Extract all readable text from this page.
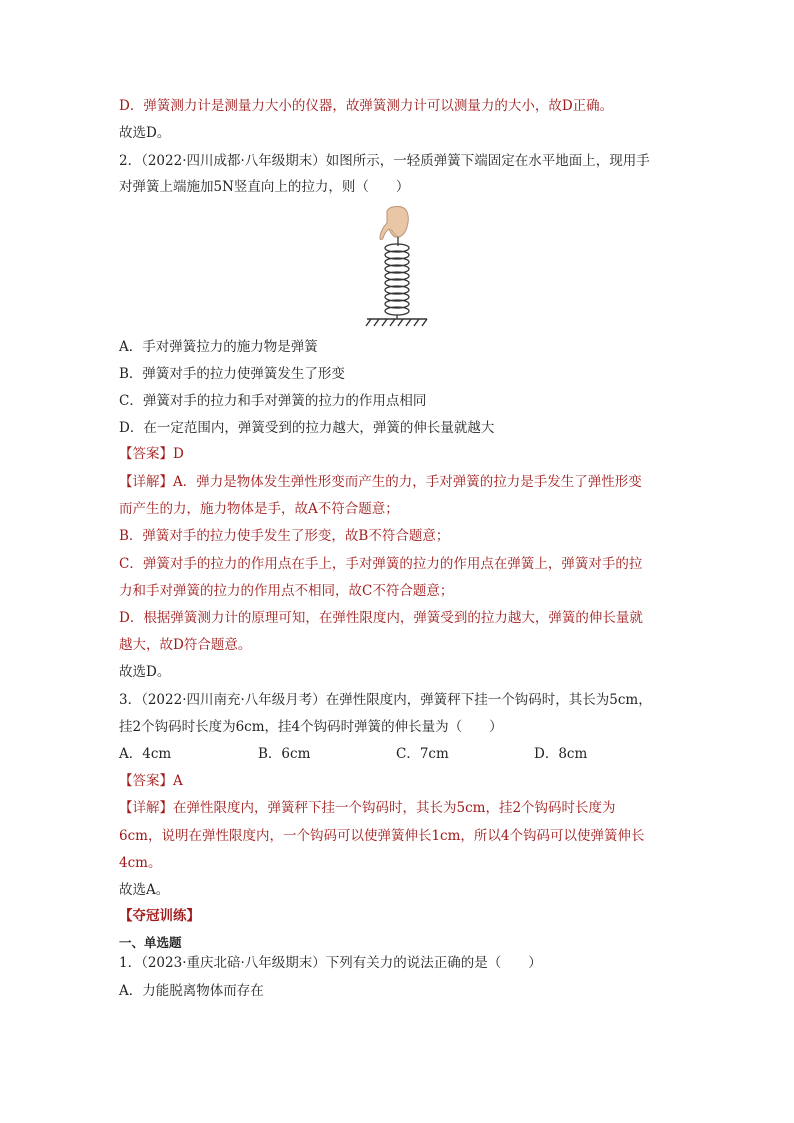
D．弹簧测力计是测量力大小的仪器，故弹簧测力计可以测量力的大小，故D正确。
故选D。
2．（2022·四川成都·八年级期末）如图所示，一轻质弹簧下端固定在水平地面上，现用手
对弹簧上端施加5N竖直向上的拉力，则（　　）
A．手对弹簧拉力的施力物是弹簧
B．弹簧对手的拉力使弹簧发生了形变
C．弹簧对手的拉力和手对弹簧的拉力的作用点相同
D．在一定范围内，弹簧受到的拉力越大，弹簧的伸长量就越大
【答案】D
【详解】A．弹力是物体发生弹性形变而产生的力，手对弹簧的拉力是手发生了弹性形变
而产生的力，施力物体是手，故A不符合题意；
B．弹簧对手的拉力使手发生了形变，故B不符合题意；
C．弹簧对手的拉力的作用点在手上，手对弹簧的拉力的作用点在弹簧上，弹簧对手的拉
力和手对弹簧的拉力的作用点不相同，故C不符合题意；
D．根据弹簧测力计的原理可知，在弹性限度内，弹簧受到的拉力越大，弹簧的伸长量就
越大，故D符合题意。
故选D。
3．（2022·四川南充·八年级月考）在弹性限度内，弹簧秤下挂一个钩码时，其长为5cm，
挂2个钩码时长度为6cm，挂4个钩码时弹簧的伸长量为（　　）
A．4cm	B．6cm	C．7cm	D．8cm
【答案】A
【详解】在弹性限度内，弹簧秤下挂一个钩码时，其长为5cm，挂2个钩码时长度为
6cm，说明在弹性限度内，一个钩码可以使弹簧伸长1cm，所以4个钩码可以使弹簧伸长
4cm。
故选A。
【夺冠训练】
一、单选题
1．（2023·重庆北碚·八年级期末）下列有关力的说法正确的是（　　）
A．力能脱离物体而存在
